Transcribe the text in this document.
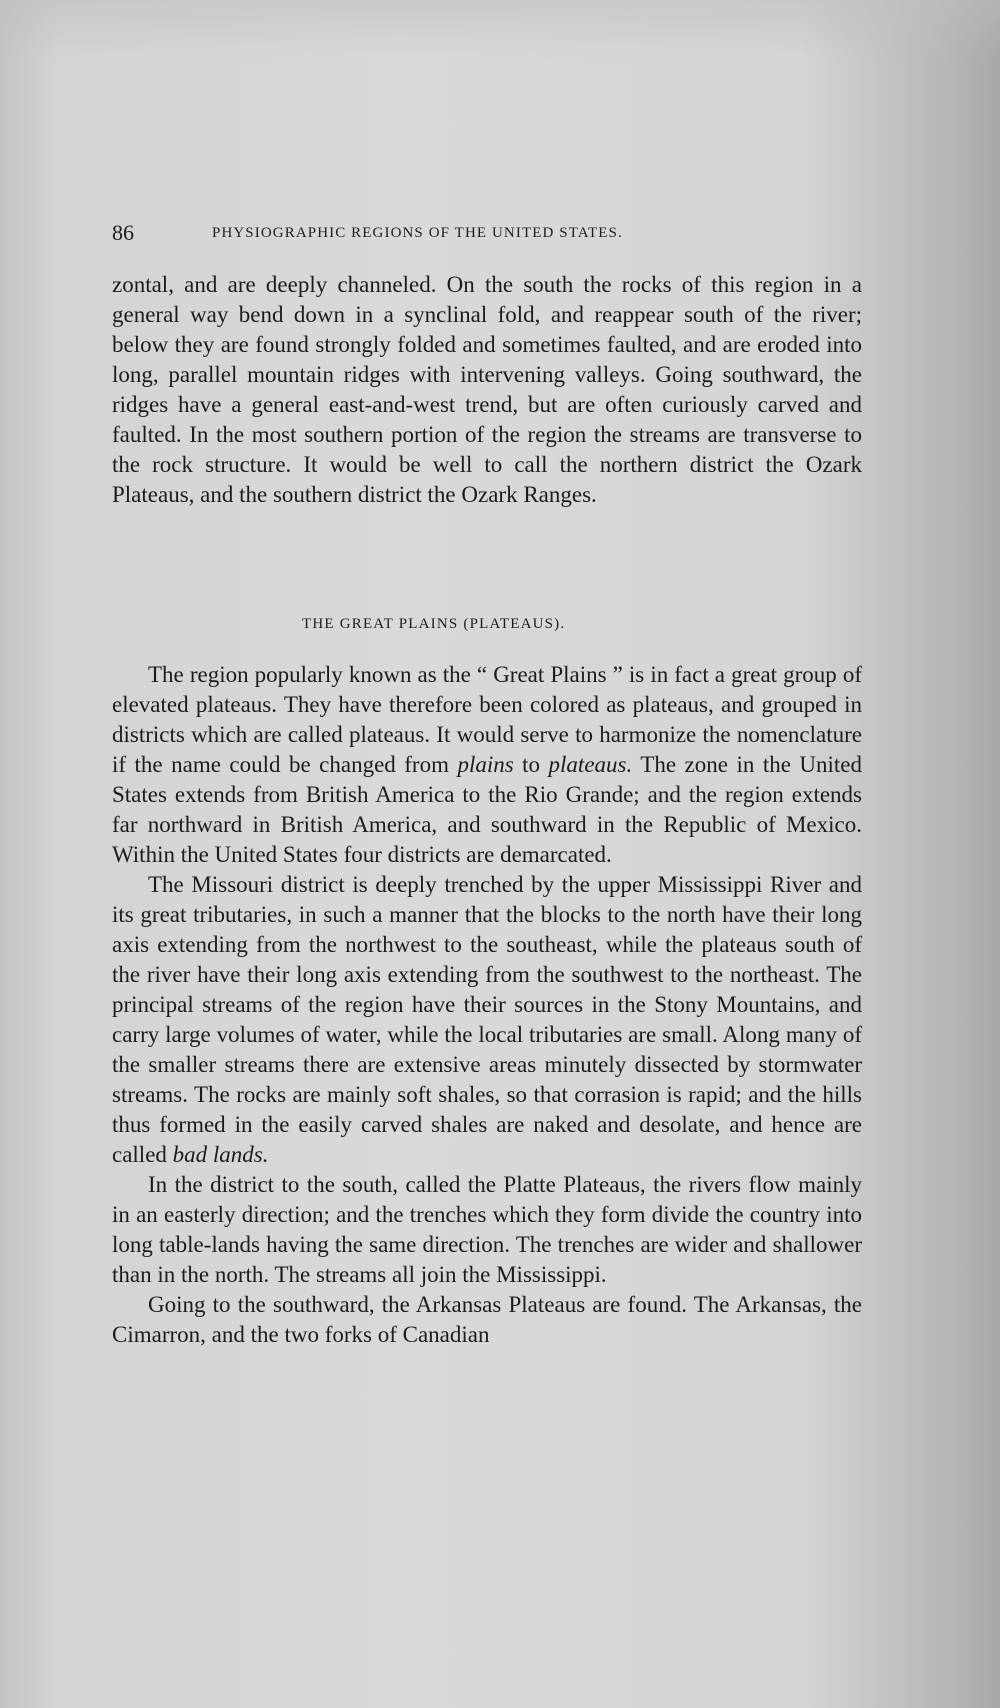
86	PHYSIOGRAPHIC REGIONS OF THE UNITED STATES.

zontal, and are deeply channeled. On the south the rocks of this region in a general way bend down in a synclinal fold, and reappear south of the river; below they are found strongly folded and sometimes faulted, and are eroded into long, parallel mountain ridges with intervening valleys. Going southward, the ridges have a general east-and-west trend, but are often curiously carved and faulted. In the most southern portion of the region the streams are transverse to the rock structure. It would be well to call the northern district the Ozark Plateaus, and the southern district the Ozark Ranges.

THE GREAT PLAINS (PLATEAUS).

The region popularly known as the “ Great Plains ” is in fact a great group of elevated plateaus. They have therefore been colored as plateaus, and grouped in districts which are called plateaus. It would serve to harmonize the nomenclature if the name could be changed from plains to plateaus. The zone in the United States extends from British America to the Rio Grande; and the region extends far northward in British America, and southward in the Republic of Mexico. Within the United States four districts are demarcated.

The Missouri district is deeply trenched by the upper Mississippi River and its great tributaries, in such a manner that the blocks to the north have their long axis extending from the northwest to the southeast, while the plateaus south of the river have their long axis extending from the southwest to the northeast. The principal streams of the region have their sources in the Stony Mountains, and carry large volumes of water, while the local tributaries are small. Along many of the smaller streams there are extensive areas minutely dissected by stormwater streams. The rocks are mainly soft shales, so that corrasion is rapid; and the hills thus formed in the easily carved shales are naked and desolate, and hence are called bad lands.

In the district to the south, called the Platte Plateaus, the rivers flow mainly in an easterly direction; and the trenches which they form divide the country into long table-lands having the same direction. The trenches are wider and shallower than in the north. The streams all join the Mississippi.

Going to the southward, the Arkansas Plateaus are found. The Arkansas, the Cimarron, and the two forks of Canadian
